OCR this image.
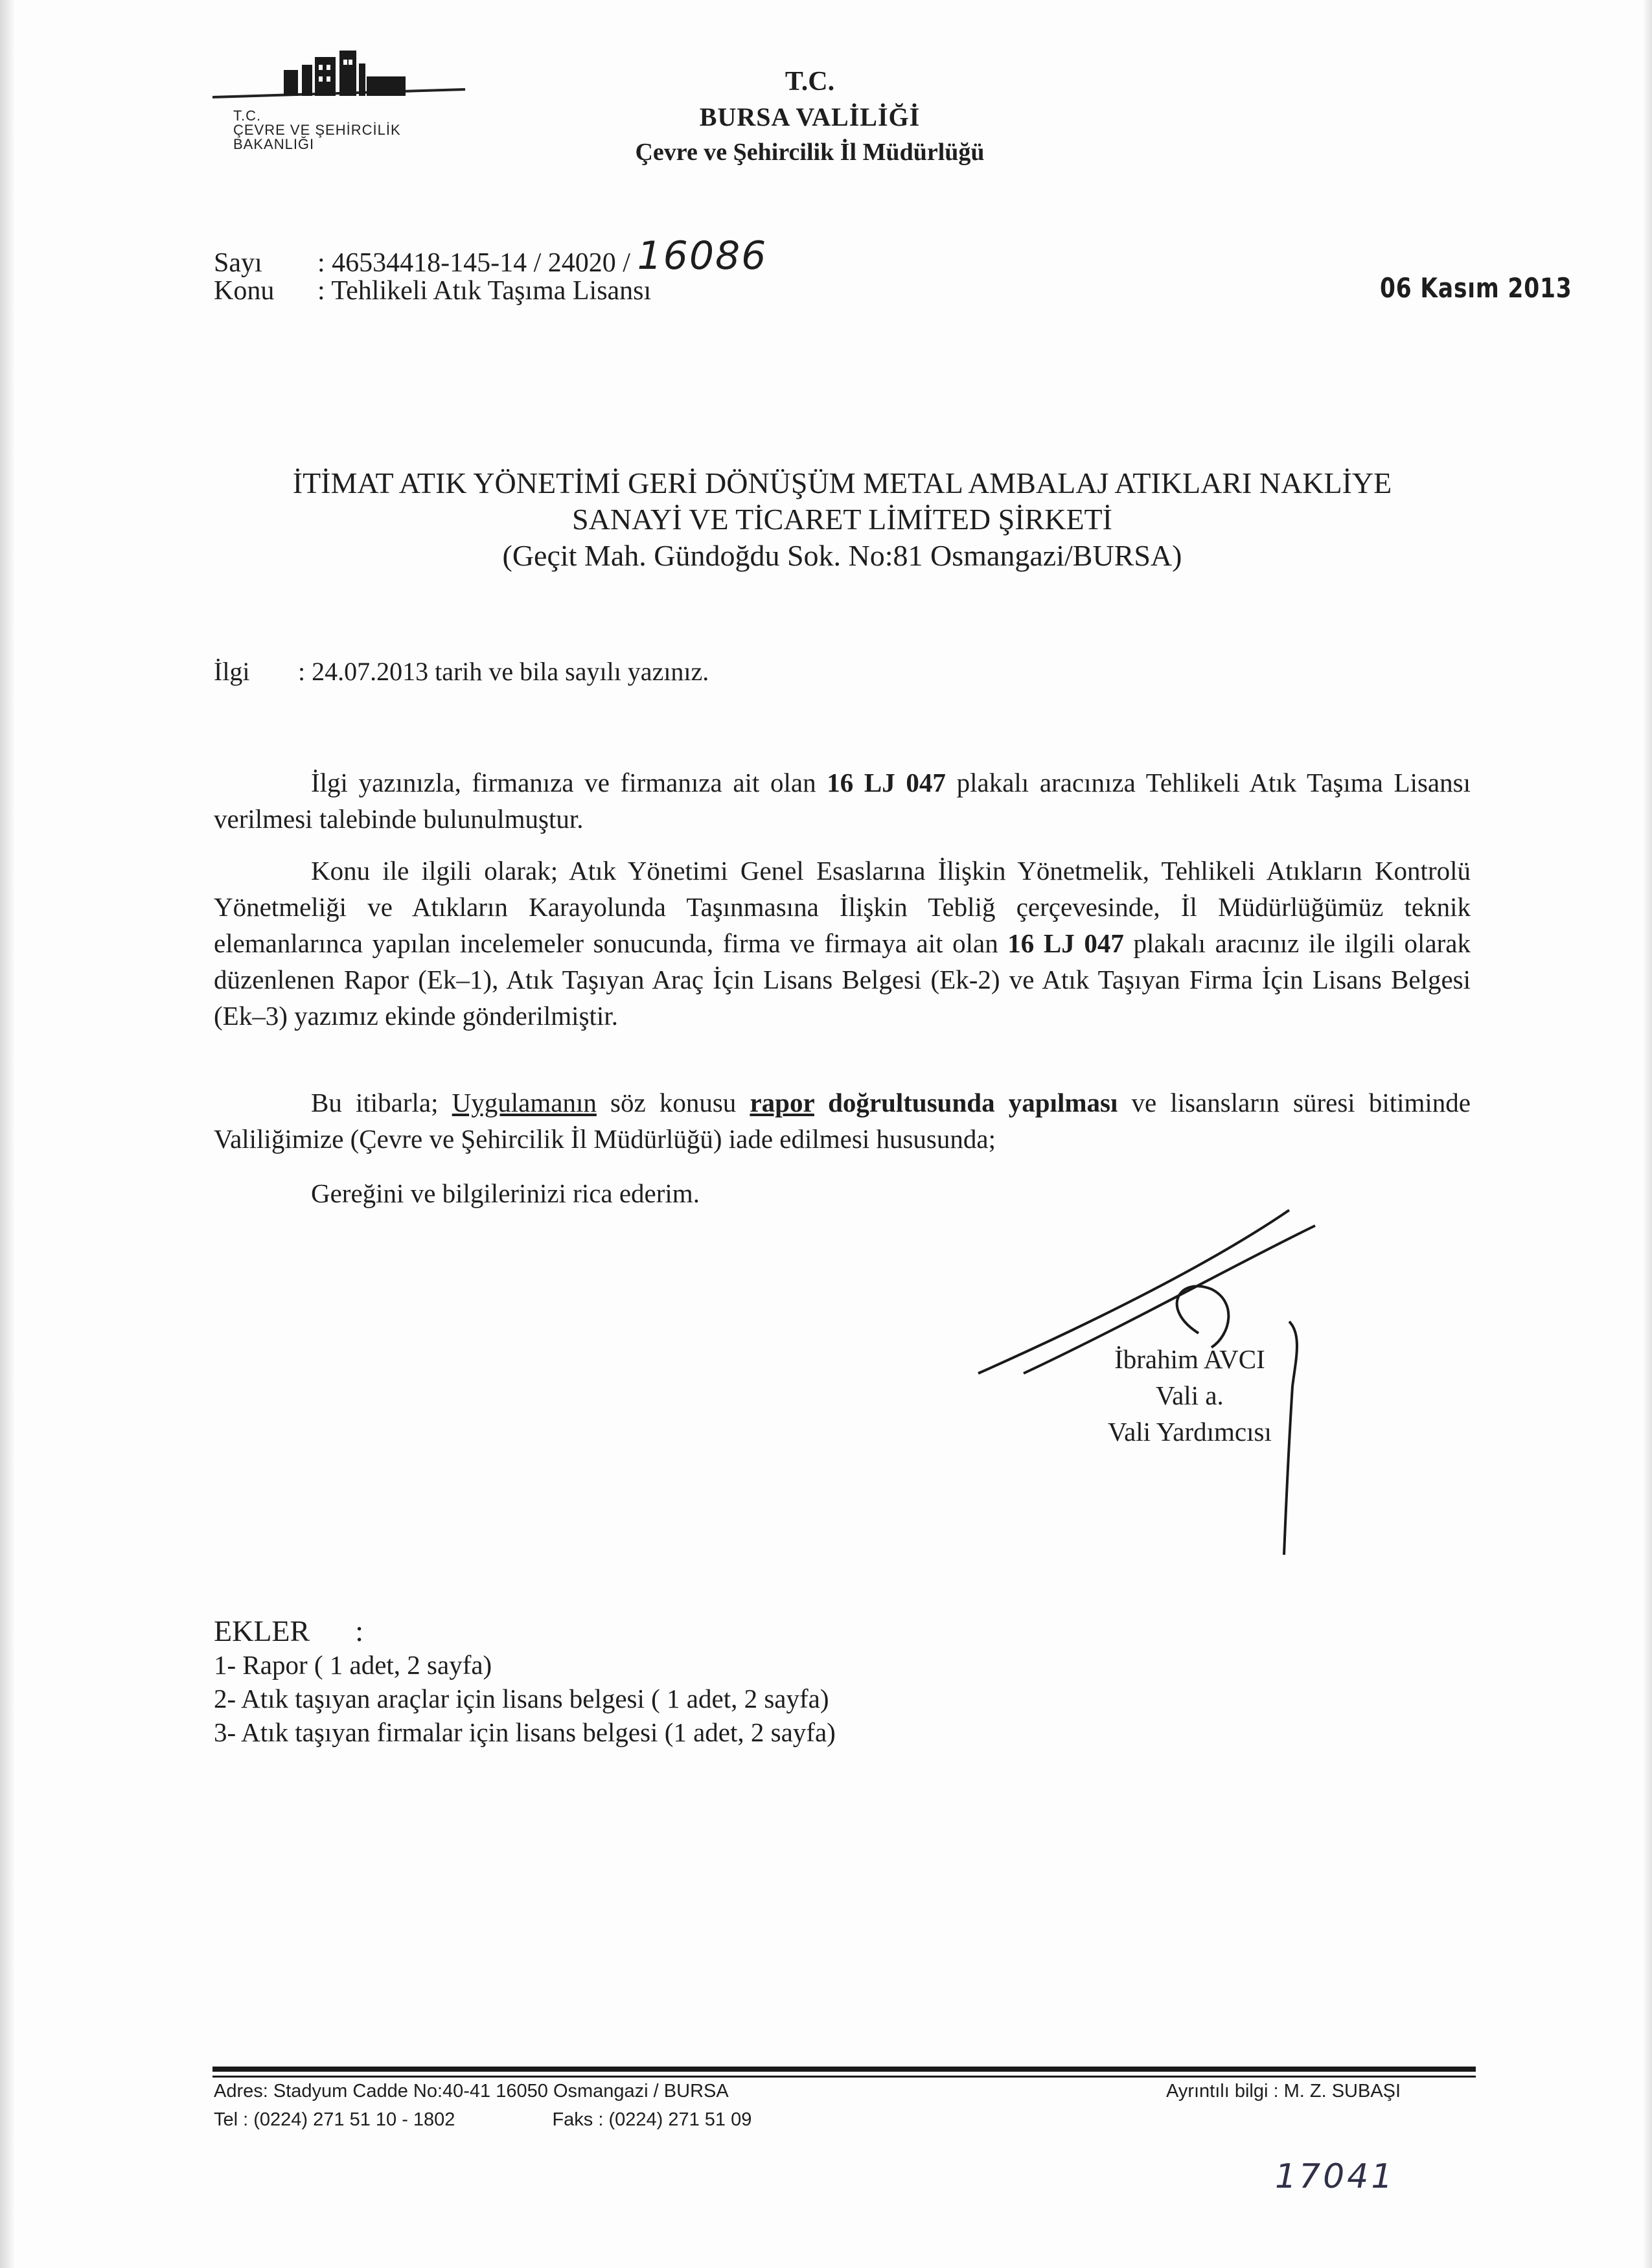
T.C.
ÇEVRE VE ŞEHİRCİLİK
BAKANLIĞI
T.C.
BURSA VALİLİĞİ
Çevre ve Şehircilik İl Müdürlüğü
Sayı : 46534418-145-14 / 24020 / 16086
Konu : Tehlikeli Atık Taşıma Lisansı	06 Kasım 2013
İTİMAT ATIK YÖNETİMİ GERİ DÖNÜŞÜM METAL AMBALAJ ATIKLARI NAKLİYE
SANAYİ VE TİCARET LİMİTED ŞİRKETİ
(Geçit Mah. Gündoğdu Sok. No:81 Osmangazi/BURSA)
İlgi : 24.07.2013 tarih ve bila sayılı yazınız.
İlgi yazınızla, firmanıza ve firmanıza ait olan 16 LJ 047 plakalı aracınıza Tehlikeli Atık Taşıma Lisansı verilmesi talebinde bulunulmuştur.
Konu ile ilgili olarak; Atık Yönetimi Genel Esaslarına İlişkin Yönetmelik, Tehlikeli Atıkların Kontrolü Yönetmeliği ve Atıkların Karayolunda Taşınmasına İlişkin Tebliğ çerçevesinde, İl Müdürlüğümüz teknik elemanlarınca yapılan incelemeler sonucunda, firma ve firmaya ait olan 16 LJ 047 plakalı aracınız ile ilgili olarak düzenlenen Rapor (Ek–1), Atık Taşıyan Araç İçin Lisans Belgesi (Ek-2) ve Atık Taşıyan Firma İçin Lisans Belgesi (Ek–3) yazımız ekinde gönderilmiştir.
Bu itibarla; Uygulamanın söz konusu rapor doğrultusunda yapılması ve lisansların süresi bitiminde Valiliğimize (Çevre ve Şehircilik İl Müdürlüğü) iade edilmesi hususunda;
Gereğini ve bilgilerinizi rica ederim.
İbrahim AVCI
Vali a.
Vali Yardımcısı
EKLER :
1- Rapor ( 1 adet, 2 sayfa)
2- Atık taşıyan araçlar için lisans belgesi ( 1 adet, 2 sayfa)
3- Atık taşıyan firmalar için lisans belgesi (1 adet, 2 sayfa)
Adres: Stadyum Cadde No:40-41 16050 Osmangazi / BURSA
Tel : (0224) 271 51 10 - 1802	Faks : (0224) 271 51 09
Ayrıntılı bilgi : M. Z. SUBAŞI
17041
